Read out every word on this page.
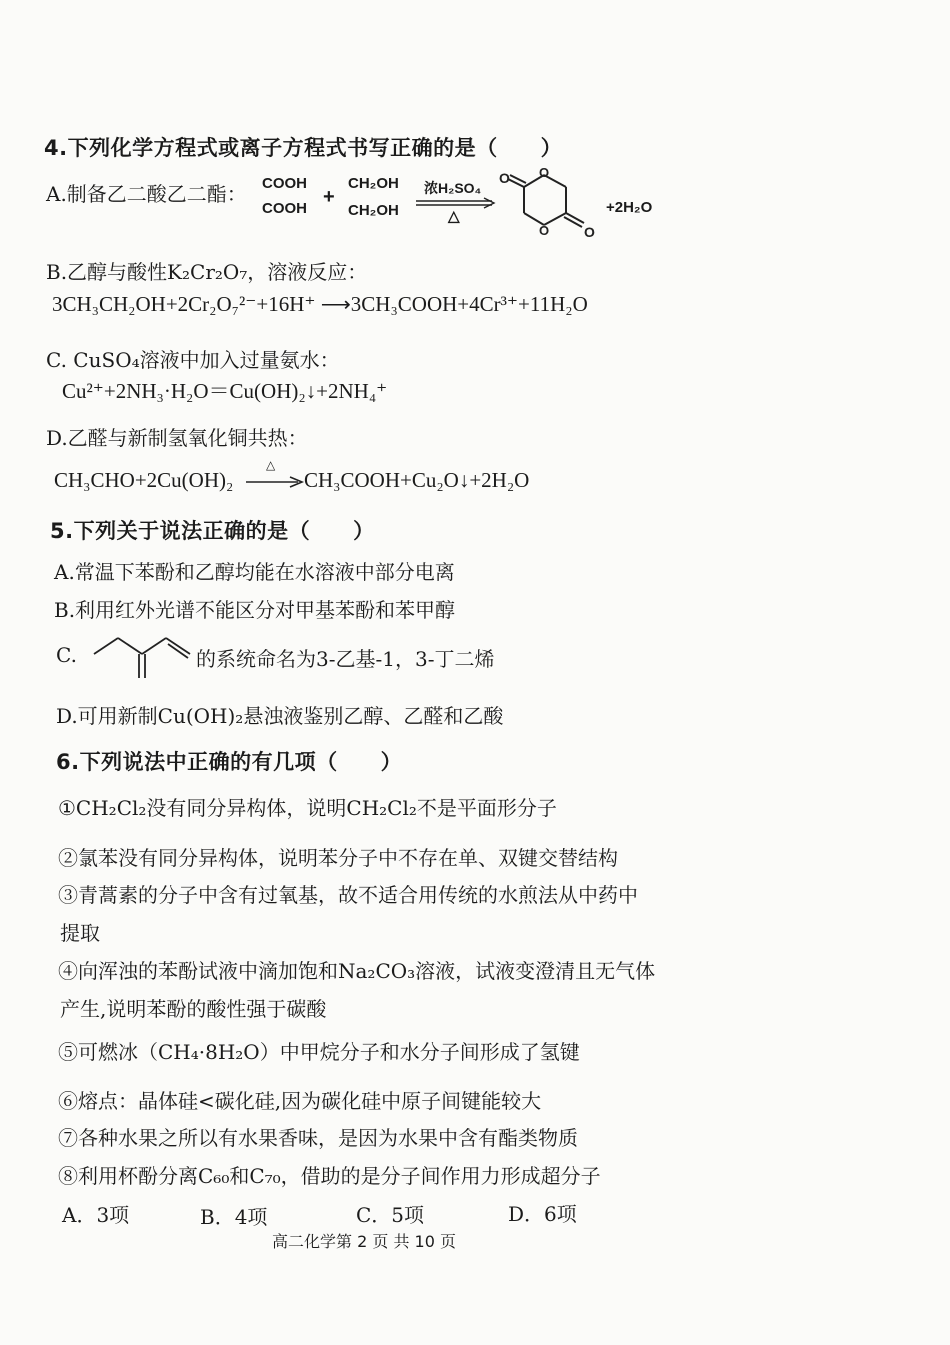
4.下列化学方程式或离子方程式书写正确的是（　　）
A.制备乙二酸乙二酯： COOH
COOH
+
CH₂OH
CH₂OH
浓H₂SO₄
△
O O
O O
+2H₂O
B.乙醇与酸性K₂Cr₂O₇，溶液反应：
3CH₃CH₂OH+2Cr₂O₇²⁻+16H⁺ ⟶3CH₃COOH+4Cr³⁺+11H₂O
C. CuSO₄溶液中加入过量氨水：
Cu²⁺+2NH₃·H₂O＝Cu(OH)₂↓+2NH₄⁺
D.乙醛与新制氢氧化铜共热：
CH₃CHO+2Cu(OH)₂
△
CH₃COOH+Cu₂O↓+2H₂O
5.下列关于说法正确的是（　　）
A.常温下苯酚和乙醇均能在水溶液中部分电离
B.利用红外光谱不能区分对甲基苯酚和苯甲醇
C.	的系统命名为3-乙基-1，3-丁二烯
D.可用新制Cu(OH)₂悬浊液鉴别乙醇、乙醛和乙酸
6.下列说法中正确的有几项（　　）
①CH₂Cl₂没有同分异构体，说明CH₂Cl₂不是平面形分子
②氯苯没有同分异构体，说明苯分子中不存在单、双键交替结构
③青蒿素的分子中含有过氧基，故不适合用传统的水煎法从中药中
提取
④向浑浊的苯酚试液中滴加饱和Na₂CO₃溶液，试液变澄清且无气体
产生,说明苯酚的酸性强于碳酸
⑤可燃冰（CH₄·8H₂O）中甲烷分子和水分子间形成了氢键
⑥熔点：晶体硅<碳化硅,因为碳化硅中原子间键能较大
⑦各种水果之所以有水果香味，是因为水果中含有酯类物质
⑧利用杯酚分离C₆₀和C₇₀，借助的是分子间作用力形成超分子
A．3项	B．4项	C．5项	D．6项
高二化学第 2 页 共 10 页
